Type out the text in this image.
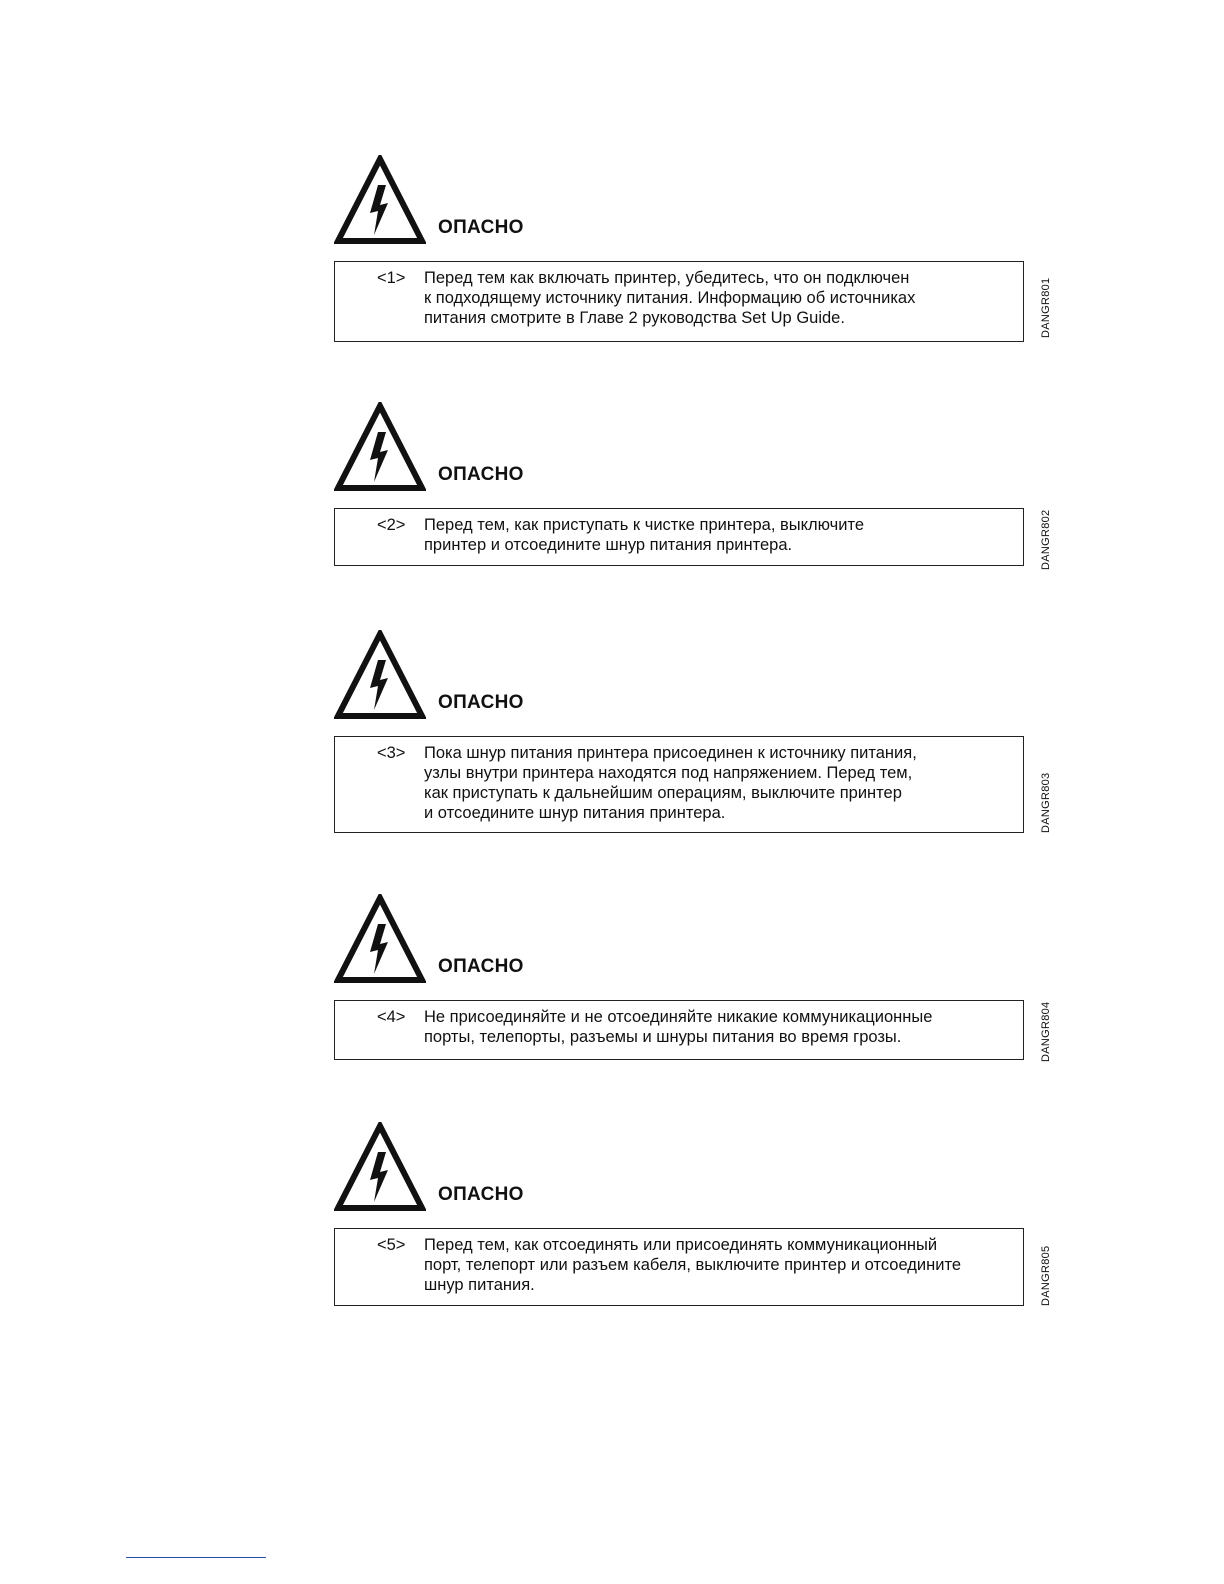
ОПАСНО
<1> Перед тем как включать принтер, убедитесь, что он подключен
к подходящему источнику питания. Информацию об источниках
питания смотрите в Главе 2 руководства Set Up Guide.	DANGR801
ОПАСНО
<2> Перед тем, как приступать к чистке принтера, выключите
принтер и отсоедините шнур питания принтера.	DANGR802
ОПАСНО
<3> Пока шнур питания принтера присоединен к источнику питания,
узлы внутри принтера находятся под напряжением. Перед тем,
как приступать к дальнейшим операциям, выключите принтер
и отсоедините шнур питания принтера.	DANGR803
ОПАСНО
<4> Не присоединяйте и не отсоединяйте никакие коммуникационные
порты, телепорты, разъемы и шнуры питания во время грозы.	DANGR804
ОПАСНО
<5> Перед тем, как отсоединять или присоединять коммуникационный
порт, телепорт или разъем кабеля, выключите принтер и отсоедините
шнур питания.	DANGR805
